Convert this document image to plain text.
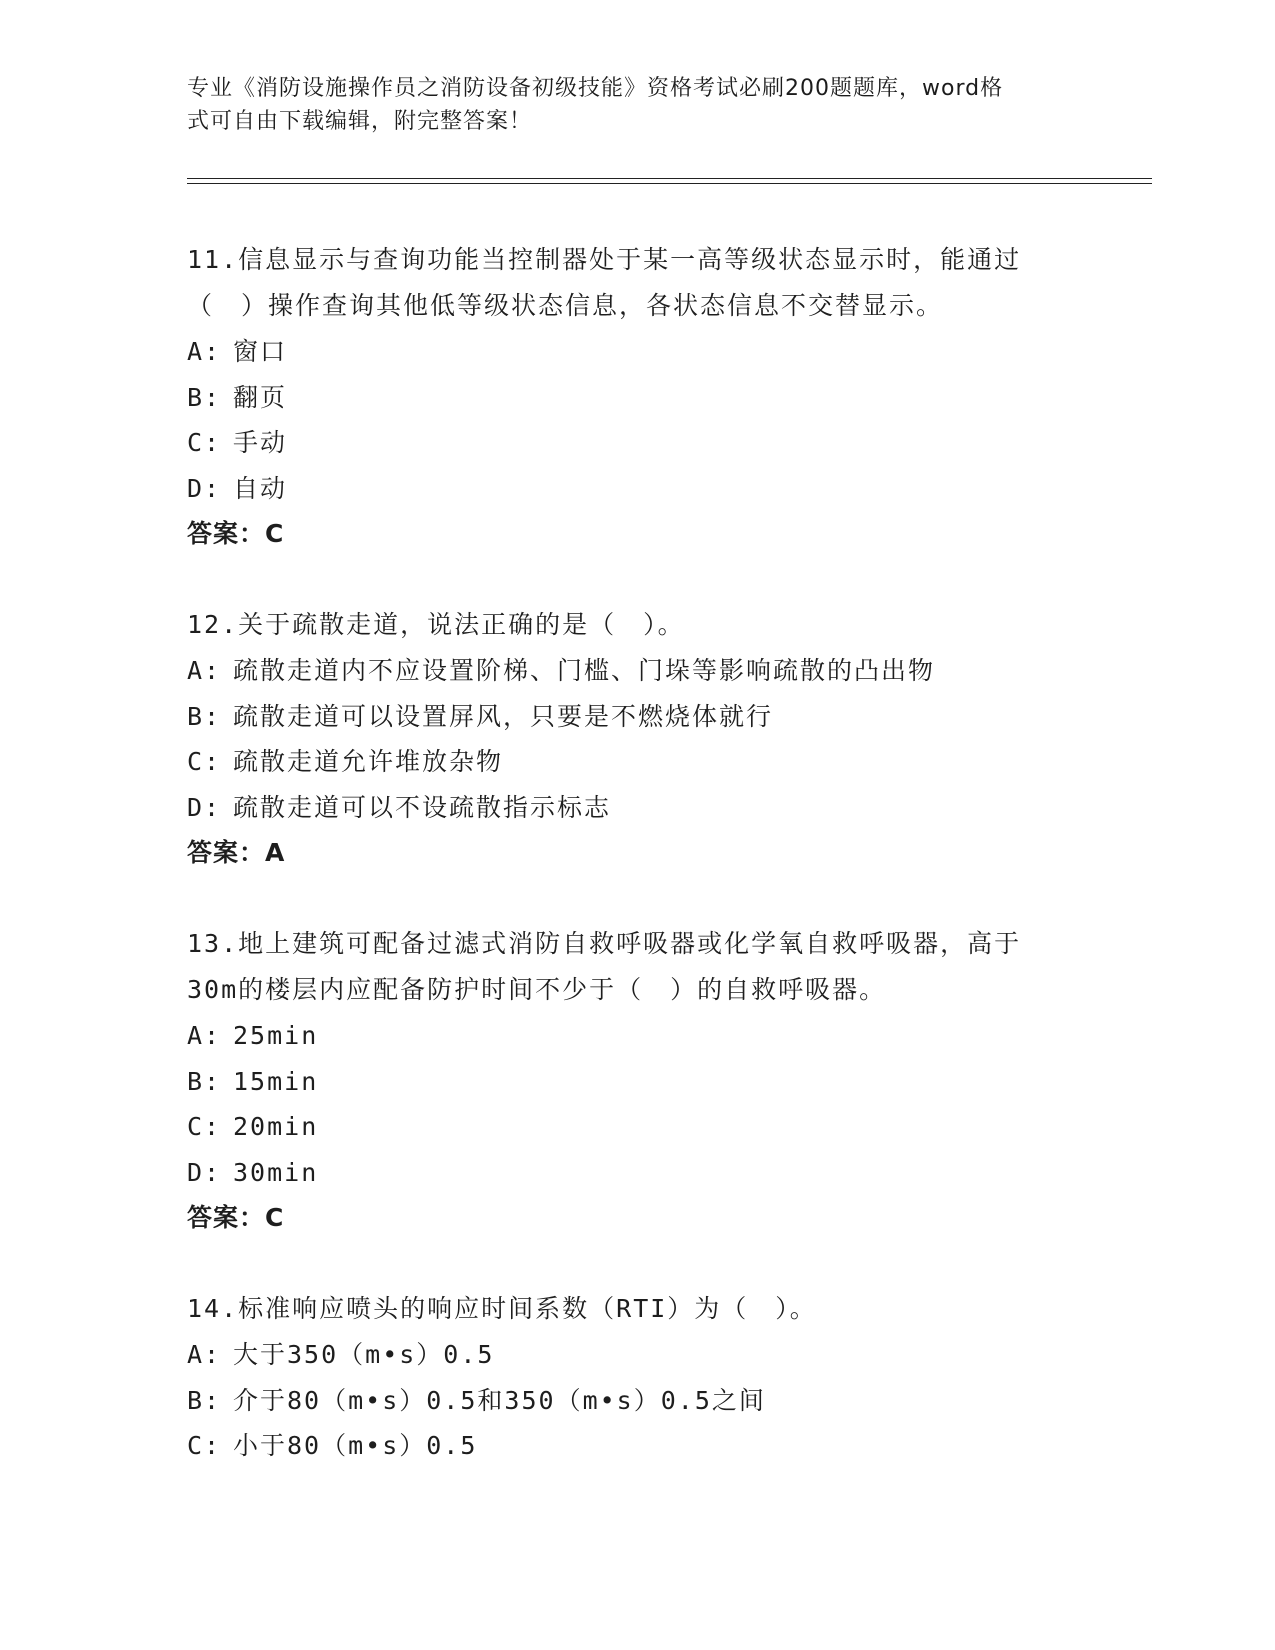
专业《消防设施操作员之消防设备初级技能》资格考试必刷200题题库，word格
式可自由下载编辑，附完整答案！

11.信息显示与查询功能当控制器处于某一高等级状态显示时，能通过

（　）操作查询其他低等级状态信息，各状态信息不交替显示。

A: 窗口

B: 翻页

C: 手动

D: 自动

答案：C

12.关于疏散走道，说法正确的是（　）。

A: 疏散走道内不应设置阶梯、门槛、门垛等影响疏散的凸出物

B: 疏散走道可以设置屏风，只要是不燃烧体就行

C: 疏散走道允许堆放杂物

D: 疏散走道可以不设疏散指示标志

答案：A

13.地上建筑可配备过滤式消防自救呼吸器或化学氧自救呼吸器，高于

30m的楼层内应配备防护时间不少于（　）的自救呼吸器。

A: 25min

B: 15min

C: 20min

D: 30min

答案：C

14.标准响应喷头的响应时间系数（RTI）为（　）。

A: 大于350（m•s）0.5

B: 介于80（m•s）0.5和350（m•s）0.5之间

C: 小于80（m•s）0.5
